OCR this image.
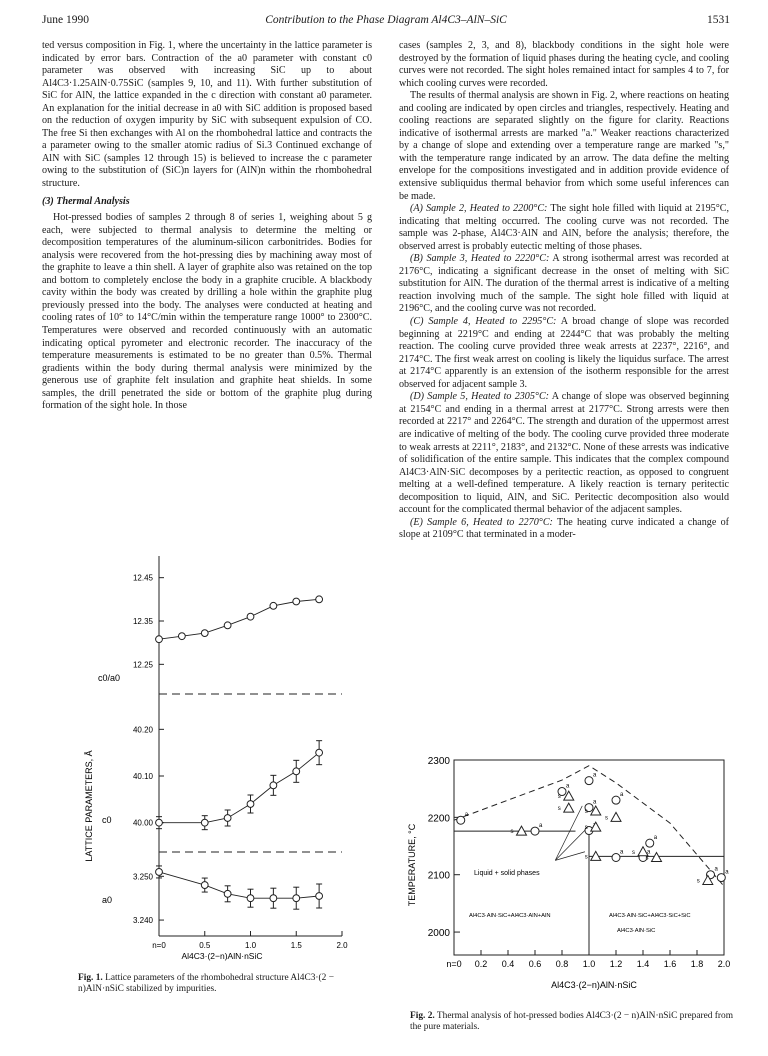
June 1990	Contribution to the Phase Diagram Al4C3–AlN–SiC	1531

ted versus composition in Fig. 1, where the uncertainty in the lattice parameter is indicated by error bars. Contraction of the a0 parameter with constant c0 parameter was observed with increasing SiC up to about Al4C3·1.25AlN·0.75SiC (samples 9, 10, and 11). With further substitution of SiC for AlN, the lattice expanded in the c direction with constant a0 parameter. An explanation for the initial decrease in a0 with SiC addition is proposed based on the reduction of oxygen impurity by SiC with subsequent expulsion of CO. The free Si then exchanges with Al on the rhombohedral lattice and contracts the a parameter owing to the smaller atomic radius of Si.3 Continued exchange of AlN with SiC (samples 12 through 15) is believed to increase the c parameter owing to the substitution of (SiC)n layers for (AlN)n within the rhombohedral structure.

(3) Thermal Analysis

Hot-pressed bodies of samples 2 through 8 of series 1, weighing about 5 g each, were subjected to thermal analysis to determine the melting or decomposition temperatures of the aluminum-silicon carbonitrides. Bodies for analysis were recovered from the hot-pressing dies by machining away most of the graphite to leave a thin shell. A layer of graphite also was retained on the top and bottom to completely enclose the body in a graphite crucible. A blackbody cavity within the body was created by drilling a hole within the graphite plug previously pressed into the body. The analyses were conducted at heating and cooling rates of 10° to 14°C/min within the temperature range 1000° to 2300°C. Temperatures were observed and recorded continuously with an automatic indicating optical pyrometer and electronic recorder. The inaccuracy of the temperature measurements is estimated to be no greater than 0.5%. Thermal gradients within the body during thermal analysis were minimized by the generous use of graphite felt insulation and graphite heat shields. In some samples, the drill penetrated the side or bottom of the graphite plug during formation of the sight hole. In those

cases (samples 2, 3, and 8), blackbody conditions in the sight hole were destroyed by the formation of liquid phases during the heating cycle, and cooling curves were not recorded. The sight holes remained intact for samples 4 to 7, for which cooling curves were recorded.

The results of thermal analysis are shown in Fig. 2, where reactions on heating and cooling are indicated by open circles and triangles, respectively. Heating and cooling reactions are separated slightly on the figure for clarity. Reactions indicative of isothermal arrests are marked "a." Weaker reactions characterized by a change of slope and extending over a temperature range are marked "s," with the temperature range indicated by an arrow. The data define the melting envelope for the compositions investigated and in addition provide evidence of extensive subliquidus thermal behavior from which some useful inferences can be made.

(A) Sample 2, Heated to 2200°C: The sight hole filled with liquid at 2195°C, indicating that melting occurred. The cooling curve was not recorded. The sample was 2-phase, Al4C3·AlN and AlN, before the analysis; therefore, the observed arrest is probably eutectic melting of those phases.

(B) Sample 3, Heated to 2220°C: A strong isothermal arrest was recorded at 2176°C, indicating a significant decrease in the onset of melting with SiC substitution for AlN. The duration of the thermal arrest is indicative of a melting reaction involving much of the sample. The sight hole filled with liquid at 2196°C, and the cooling curve was not recorded.

(C) Sample 4, Heated to 2295°C: A broad change of slope was recorded beginning at 2219°C and ending at 2244°C that was probably the melting reaction. The cooling curve provided three weak arrests at 2237°, 2216°, and 2174°C. The first weak arrest on cooling is likely the liquidus surface. The arrest at 2174°C apparently is an extension of the isotherm responsible for the arrest observed for adjacent sample 3.

(D) Sample 5, Heated to 2305°C: A change of slope was observed beginning at 2154°C and ending in a thermal arrest at 2177°C. Strong arrests were then recorded at 2217° and 2264°C. The strength and duration of the uppermost arrest are indicative of melting of the body. The cooling curve provided three moderate to weak arrests at 2211°, 2183°, and 2132°C. None of these arrests was indicative of solidification of the entire sample. This indicates that the complex compound Al4C3·AlN·SiC decomposes by a peritectic reaction, as opposed to congruent melting at a well-defined temperature. A likely reaction is ternary peritectic decomposition to liquid, AlN, and SiC. Peritectic decomposition also would account for the complicated thermal behavior of the adjacent samples.

(E) Sample 6, Heated to 2270°C: The heating curve indicated a change of slope at 2109°C that terminated in a moder-

LATTICE PARAMETERS, Å
c0/a0
c0
a0
Al4C3·(2−n)AlN·nSiC
12.45
12.35
12.25
40.20
40.10
40.00
3.250
3.240
n=0	0.5	1.0	1.5	2.0
Fig. 1. Lattice parameters of the rhombohedral structure Al4C3·(2 − n)AlN·nSiC stabilized by impurities.
TEMPERATURE, °C
Al4C3·(2−n)AlN·nSiC
Liquid + solid phases
Al4C3·AlN·SiC+Al4C3·AlN+AlN	Al4C3·AlN·SiC+Al4C3·SiC+SiC
Al4C3·AlN·SiC
2300
2200
2100
2000
n=0 0.2 0.4 0.6 0.8 1.0 1.2 1.4 1.6 1.8 2.0
a
a
a
a
a
a
a	a
a
a a
s
s
s	s
s
s
s
s
s
s
Fig. 2. Thermal analysis of hot-pressed bodies Al4C3·(2 − n)AlN·nSiC prepared from the pure materials.
